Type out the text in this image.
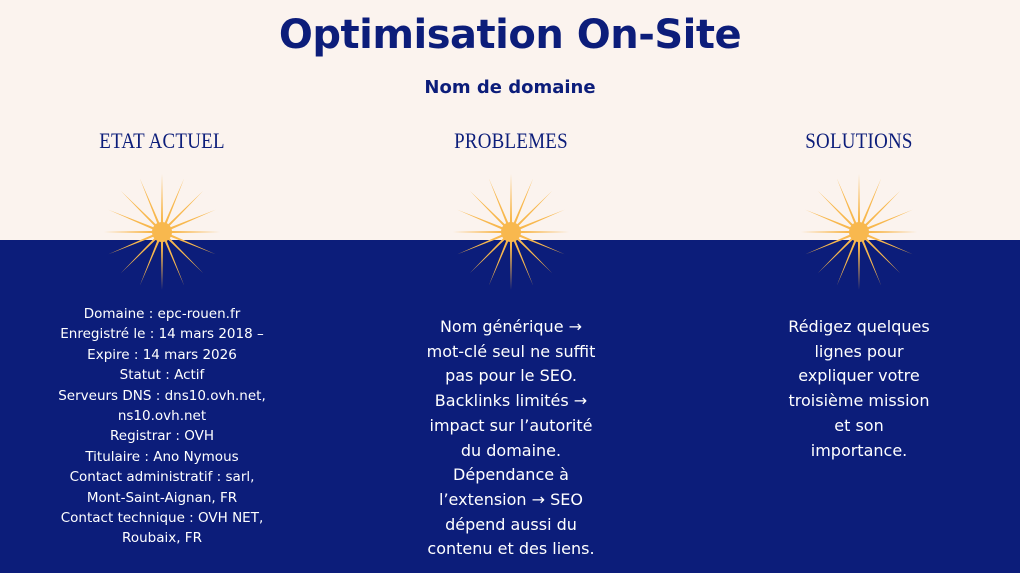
Optimisation On-Site
Nom de domaine
ETAT ACTUEL

Domaine : epc-rouen.fr

Enregistré le : 14 mars 2018 –

Expire : 14 mars 2026

Statut : Actif

Serveurs DNS : dns10.ovh.net,

ns10.ovh.net

Registrar : OVH

Titulaire : Ano Nymous

Contact administratif : sarl,

Mont-Saint-Aignan, FR

Contact technique : OVH NET,

Roubaix, FR

PROBLEMES

Nom générique → mot-clé seul ne suffit pas pour le SEO.

Backlinks limités → impact sur l’autorité du domaine.

Dépendance à l’extension → SEO dépend aussi du contenu et des liens.

SOLUTIONS

Rédigez quelques lignes pour expliquer votre troisième mission et son importance.
